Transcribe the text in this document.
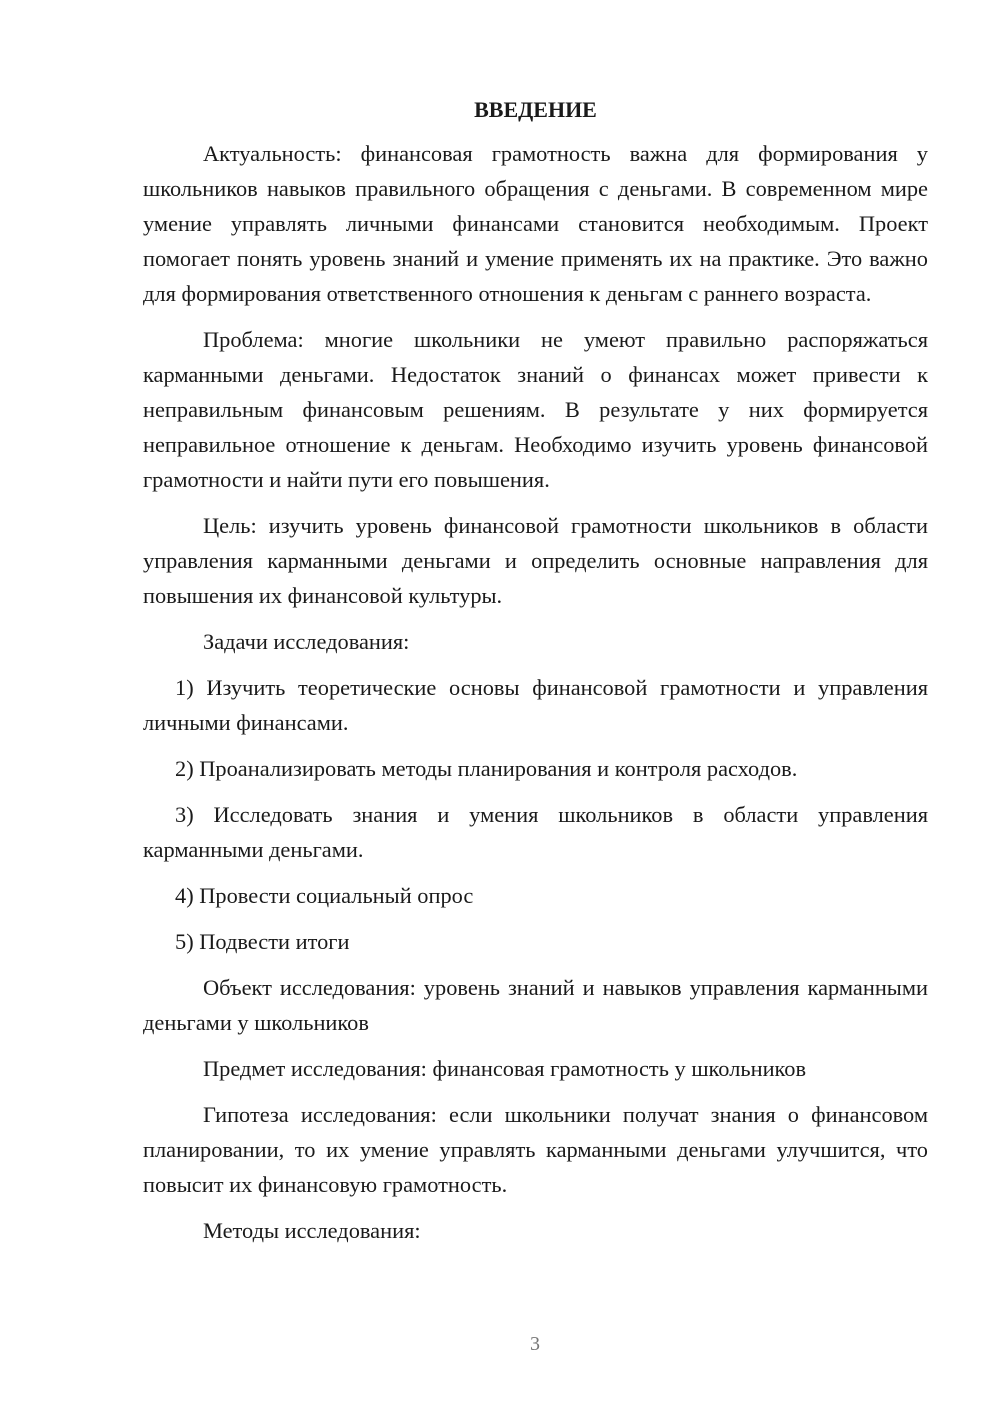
ВВЕДЕНИЕ
Актуальность: финансовая грамотность важна для формирования у школьников навыков правильного обращения с деньгами. В современном мире умение управлять личными финансами становится необходимым. Проект помогает понять уровень знаний и умение применять их на практике. Это важно для формирования ответственного отношения к деньгам с раннего возраста.
Проблема: многие школьники не умеют правильно распоряжаться карманными деньгами. Недостаток знаний о финансах может привести к неправильным финансовым решениям. В результате у них формируется неправильное отношение к деньгам. Необходимо изучить уровень финансовой грамотности и найти пути его повышения.
Цель: изучить уровень финансовой грамотности школьников в области управления карманными деньгами и определить основные направления для повышения их финансовой культуры.
Задачи исследования:
1) Изучить теоретические основы финансовой грамотности и управления личными финансами.
2) Проанализировать методы планирования и контроля расходов.
3) Исследовать знания и умения школьников в области управления карманными деньгами.
4) Провести социальный опрос
5) Подвести итоги
Объект исследования: уровень знаний и навыков управления карманными деньгами у школьников
Предмет исследования: финансовая грамотность у школьников
Гипотеза исследования: если школьники получат знания о финансовом планировании, то их умение управлять карманными деньгами улучшится, что повысит их финансовую грамотность.
Методы исследования:
3
